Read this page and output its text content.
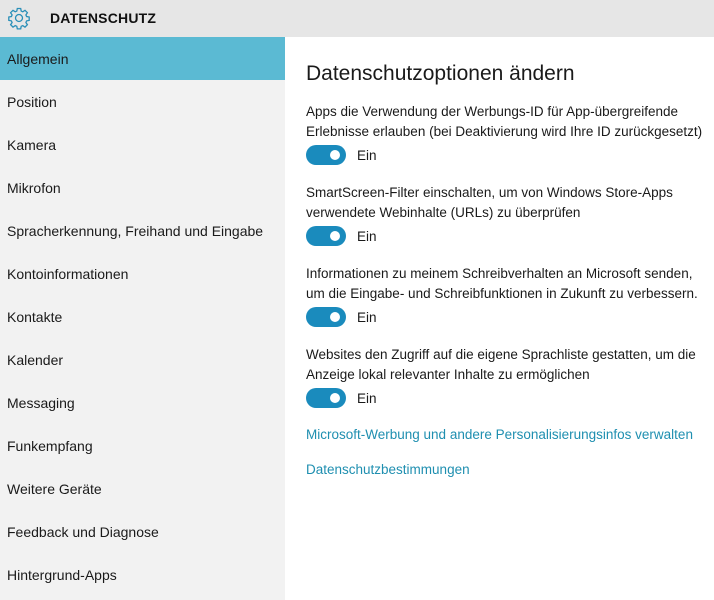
DATENSCHUTZ
Allgemein
Position
Kamera
Mikrofon
Spracherkennung, Freihand und Eingabe
Kontoinformationen
Kontakte
Kalender
Messaging
Funkempfang
Weitere Geräte
Feedback und Diagnose
Hintergrund-Apps
Datenschutzoptionen ändern
Apps die Verwendung der Werbungs-ID für App-übergreifende
Erlebnisse erlauben (bei Deaktivierung wird Ihre ID zurückgesetzt)
Ein
SmartScreen-Filter einschalten, um von Windows Store-Apps
verwendete Webinhalte (URLs) zu überprüfen
Ein
Informationen zu meinem Schreibverhalten an Microsoft senden,
um die Eingabe- und Schreibfunktionen in Zukunft zu verbessern.
Ein
Websites den Zugriff auf die eigene Sprachliste gestatten, um die
Anzeige lokal relevanter Inhalte zu ermöglichen
Ein
Microsoft-Werbung und andere Personalisierungsinfos verwalten
Datenschutzbestimmungen
